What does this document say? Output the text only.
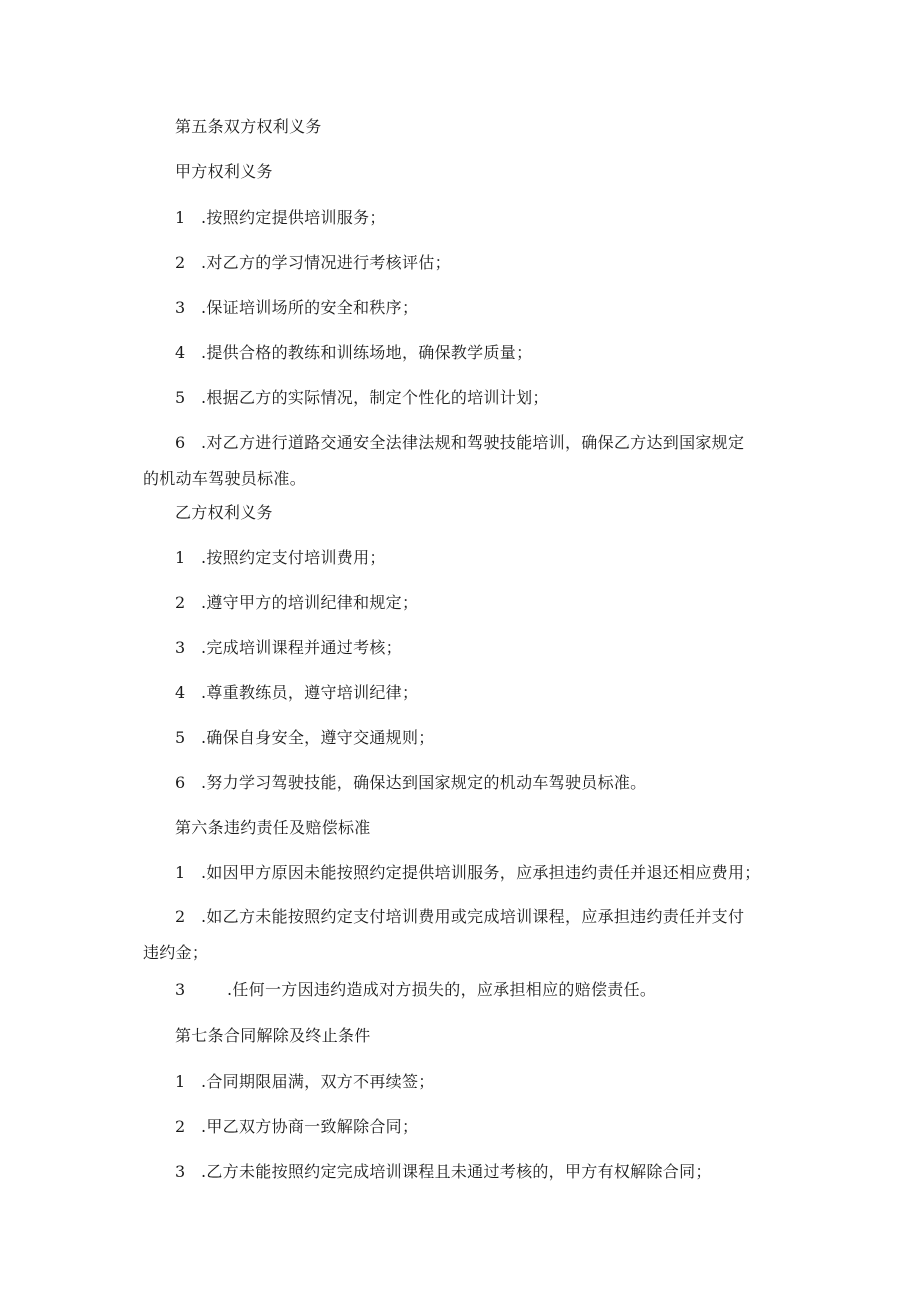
第五条双方权利义务
甲方权利义务
1 .按照约定提供培训服务；
2 .对乙方的学习情况进行考核评估；
3 .保证培训场所的安全和秩序；
4 .提供合格的教练和训练场地，确保教学质量；
5 .根据乙方的实际情况，制定个性化的培训计划；
6 .对乙方进行道路交通安全法律法规和驾驶技能培训，确保乙方达到国家规定
的机动车驾驶员标准。
乙方权利义务
1 .按照约定支付培训费用；
2 .遵守甲方的培训纪律和规定；
3 .完成培训课程并通过考核；
4 .尊重教练员，遵守培训纪律；
5 .确保自身安全，遵守交通规则；
6 .努力学习驾驶技能，确保达到国家规定的机动车驾驶员标准。
第六条违约责任及赔偿标准
1 .如因甲方原因未能按照约定提供培训服务，应承担违约责任并退还相应费用；
2 .如乙方未能按照约定支付培训费用或完成培训课程，应承担违约责任并支付
违约金；
3	.任何一方因违约造成对方损失的，应承担相应的赔偿责任。
第七条合同解除及终止条件
1 .合同期限届满，双方不再续签；
2 .甲乙双方协商一致解除合同；
3 .乙方未能按照约定完成培训课程且未通过考核的，甲方有权解除合同；
